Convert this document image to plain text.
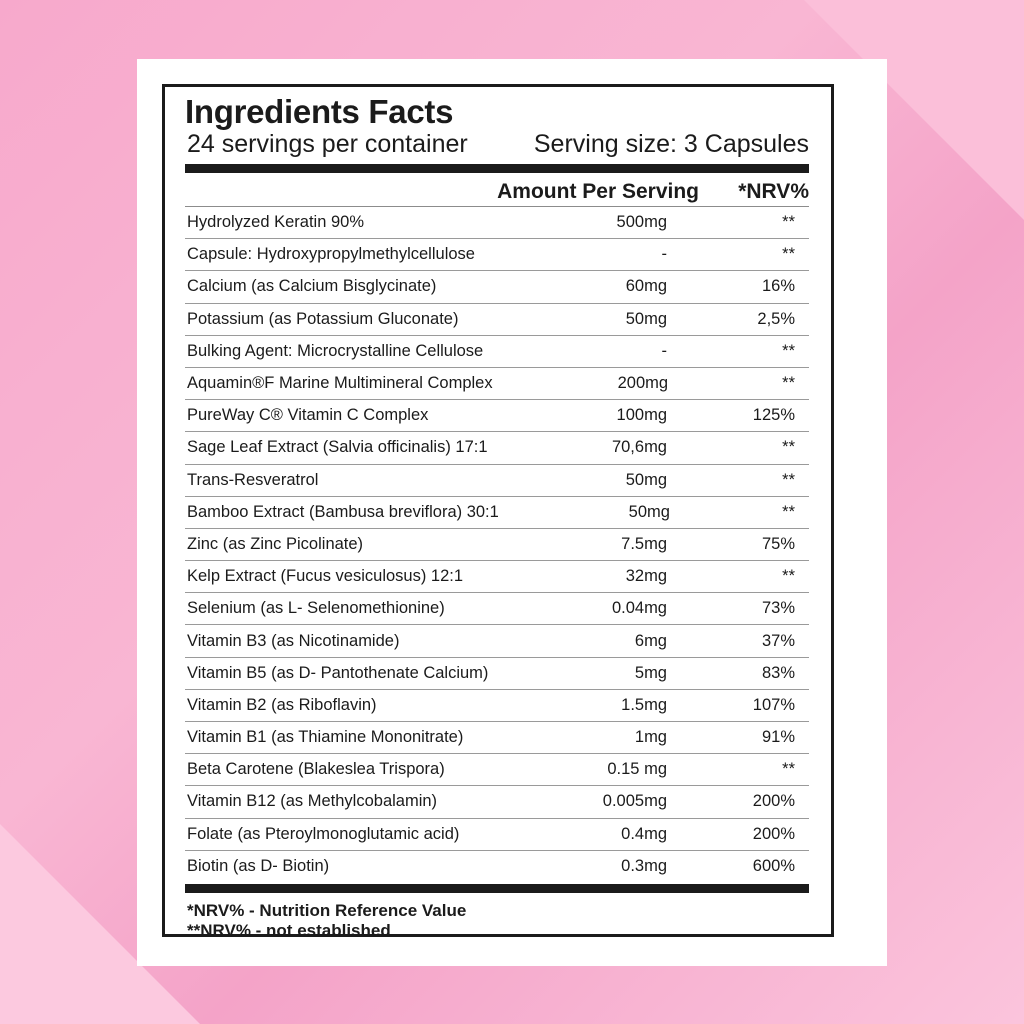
Ingredients Facts
24 servings per container	Serving size: 3 Capsules
Amount Per Serving	*NRV%
Hydrolyzed Keratin 90%	500mg	**
Capsule: Hydroxypropylmethylcellulose	-	**
Calcium (as Calcium Bisglycinate)	60mg	16%
Potassium (as Potassium Gluconate)	50mg	2,5%
Bulking Agent: Microcrystalline Cellulose	-	**
Aquamin®F Marine Multimineral Complex	200mg	**
PureWay C® Vitamin C Complex	100mg	125%
Sage Leaf Extract (Salvia officinalis) 17:1	70,6mg	**
Trans-Resveratrol	50mg	**
Bamboo Extract (Bambusa breviflora) 30:1	50mg	**
Zinc (as Zinc Picolinate)	7.5mg	75%
Kelp Extract (Fucus vesiculosus) 12:1	32mg	**
Selenium (as L- Selenomethionine)	0.04mg	73%
Vitamin B3 (as Nicotinamide)	6mg	37%
Vitamin B5 (as D- Pantothenate Calcium)	5mg	83%
Vitamin B2 (as Riboflavin)	1.5mg	107%
Vitamin B1 (as Thiamine Mononitrate)	1mg	91%
Beta Carotene (Blakeslea Trispora)	0.15 mg	**
Vitamin B12 (as Methylcobalamin)	0.005mg	200%
Folate (as Pteroylmonoglutamic acid)	0.4mg	200%
Biotin (as D- Biotin)	0.3mg	600%
*NRV% - Nutrition Reference Value
**NRV% - not established
